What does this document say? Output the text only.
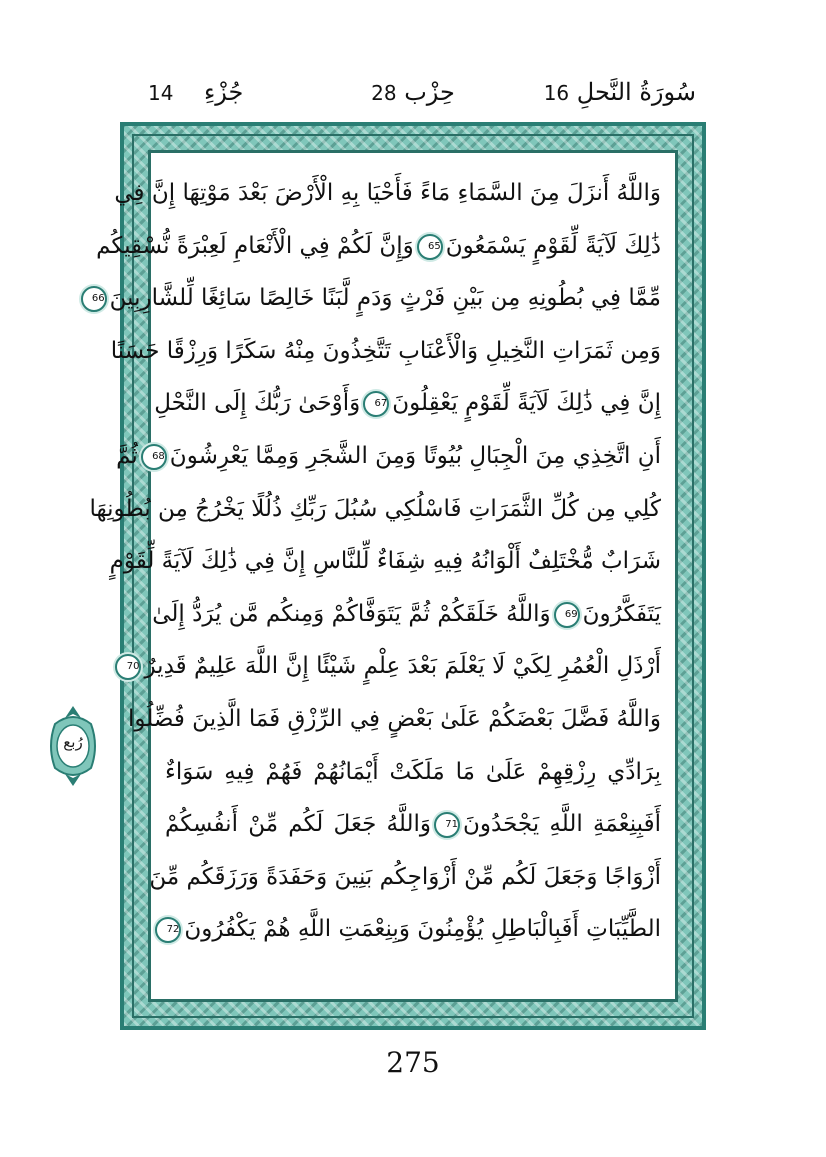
14 جُزْءِ	حِزْب 28	سُورَةُ النَّحلِ 16
وَاللَّهُ أَنزَلَ مِنَ السَّمَاءِ مَاءً فَأَحْيَا بِهِ الْأَرْضَ بَعْدَ مَوْتِهَا إِنَّ فِي
ذَٰلِكَ لَآيَةً لِّقَوْمٍ يَسْمَعُونَ65وَإِنَّ لَكُمْ فِي الْأَنْعَامِ لَعِبْرَةً نُّسْقِيكُم
مِّمَّا فِي بُطُونِهِ مِن بَيْنِ فَرْثٍ وَدَمٍ لَّبَنًا خَالِصًا سَائِغًا لِّلشَّارِبِينَ66
وَمِن ثَمَرَاتِ النَّخِيلِ وَالْأَعْنَابِ تَتَّخِذُونَ مِنْهُ سَكَرًا وَرِزْقًا حَسَنًا
إِنَّ فِي ذَٰلِكَ لَآيَةً لِّقَوْمٍ يَعْقِلُونَ67وَأَوْحَىٰ رَبُّكَ إِلَى النَّحْلِ
أَنِ اتَّخِذِي مِنَ الْجِبَالِ بُيُوتًا وَمِنَ الشَّجَرِ وَمِمَّا يَعْرِشُونَ68ثُمَّ
كُلِي مِن كُلِّ الثَّمَرَاتِ فَاسْلُكِي سُبُلَ رَبِّكِ ذُلُلًا يَخْرُجُ مِن بُطُونِهَا
شَرَابٌ مُّخْتَلِفٌ أَلْوَانُهُ فِيهِ شِفَاءٌ لِّلنَّاسِ إِنَّ فِي ذَٰلِكَ لَآيَةً لِّقَوْمٍ
يَتَفَكَّرُونَ69وَاللَّهُ خَلَقَكُمْ ثُمَّ يَتَوَفَّاكُمْ وَمِنكُم مَّن يُرَدُّ إِلَىٰ
أَرْذَلِ الْعُمُرِ لِكَيْ لَا يَعْلَمَ بَعْدَ عِلْمٍ شَيْئًا إِنَّ اللَّهَ عَلِيمٌ قَدِيرٌ70
وَاللَّهُ فَضَّلَ بَعْضَكُمْ عَلَىٰ بَعْضٍ فِي الرِّزْقِ فَمَا الَّذِينَ فُضِّلُوا
بِرَادِّي رِزْقِهِمْ عَلَىٰ مَا مَلَكَتْ أَيْمَانُهُمْ فَهُمْ فِيهِ سَوَاءٌ
أَفَبِنِعْمَةِ اللَّهِ يَجْحَدُونَ71وَاللَّهُ جَعَلَ لَكُم مِّنْ أَنفُسِكُمْ
أَزْوَاجًا وَجَعَلَ لَكُم مِّنْ أَزْوَاجِكُم بَنِينَ وَحَفَدَةً وَرَزَقَكُم مِّنَ
الطَّيِّبَاتِ أَفَبِالْبَاطِلِ يُؤْمِنُونَ وَبِنِعْمَتِ اللَّهِ هُمْ يَكْفُرُونَ72
رُبع
275
